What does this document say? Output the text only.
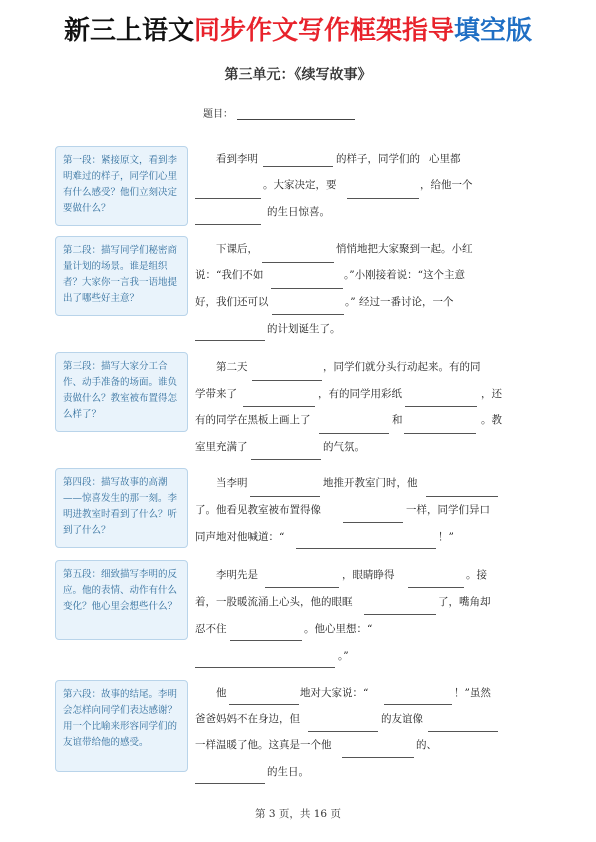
新三上语文同步作文写作框架指导填空版
第三单元：《续写故事》
题目：
第一段：紧接原文，看到李明难过的样子，同学们心里有什么感受？他们立刻决定要做什么？
第二段：描写同学们秘密商量计划的场景。谁是组织者？大家你一言我一语地提出了哪些好主意？
第三段：描写大家分工合作、动手准备的场面。谁负责做什么？教室被布置得怎么样了？
第四段：描写故事的高潮——惊喜发生的那一刻。李明进教室时看到了什么？听到了什么？
第五段：细致描写李明的反应。他的表情、动作有什么变化？他心里会想些什么？
第六段：故事的结尾。李明会怎样向同学们表达感谢？用一个比喻来形容同学们的友谊带给他的感受。
看到李明	的样子，同学们的 心里都
。大家决定，要	，给他一个
的生日惊喜。
下课后，	悄悄地把大家聚到一起。小红
说：“我们不如	。”小刚接着说：“这个主意
好，我们还可以	。” 经过一番讨论，一个
的计划诞生了。
第二天	，同学们就分头行动起来。有的同
学带来了	，有的同学用彩纸	，还
有的同学在黑板上画上了	和	。教
室里充满了	的气氛。
当李明	地推开教室门时，他
了。他看见教室被布置得像	一样，同学们异口
同声地对他喊道：“	！”
李明先是	，眼睛睁得	。接
着，一股暖流涌上心头，他的眼眶	了，嘴角却
忍不住	。他心里想：“
。”
他	地对大家说：“	！”虽然
爸爸妈妈不在身边，但	的友谊像
一样温暖了他。这真是一个他	的、
的生日。
第 3 页，共 16 页
